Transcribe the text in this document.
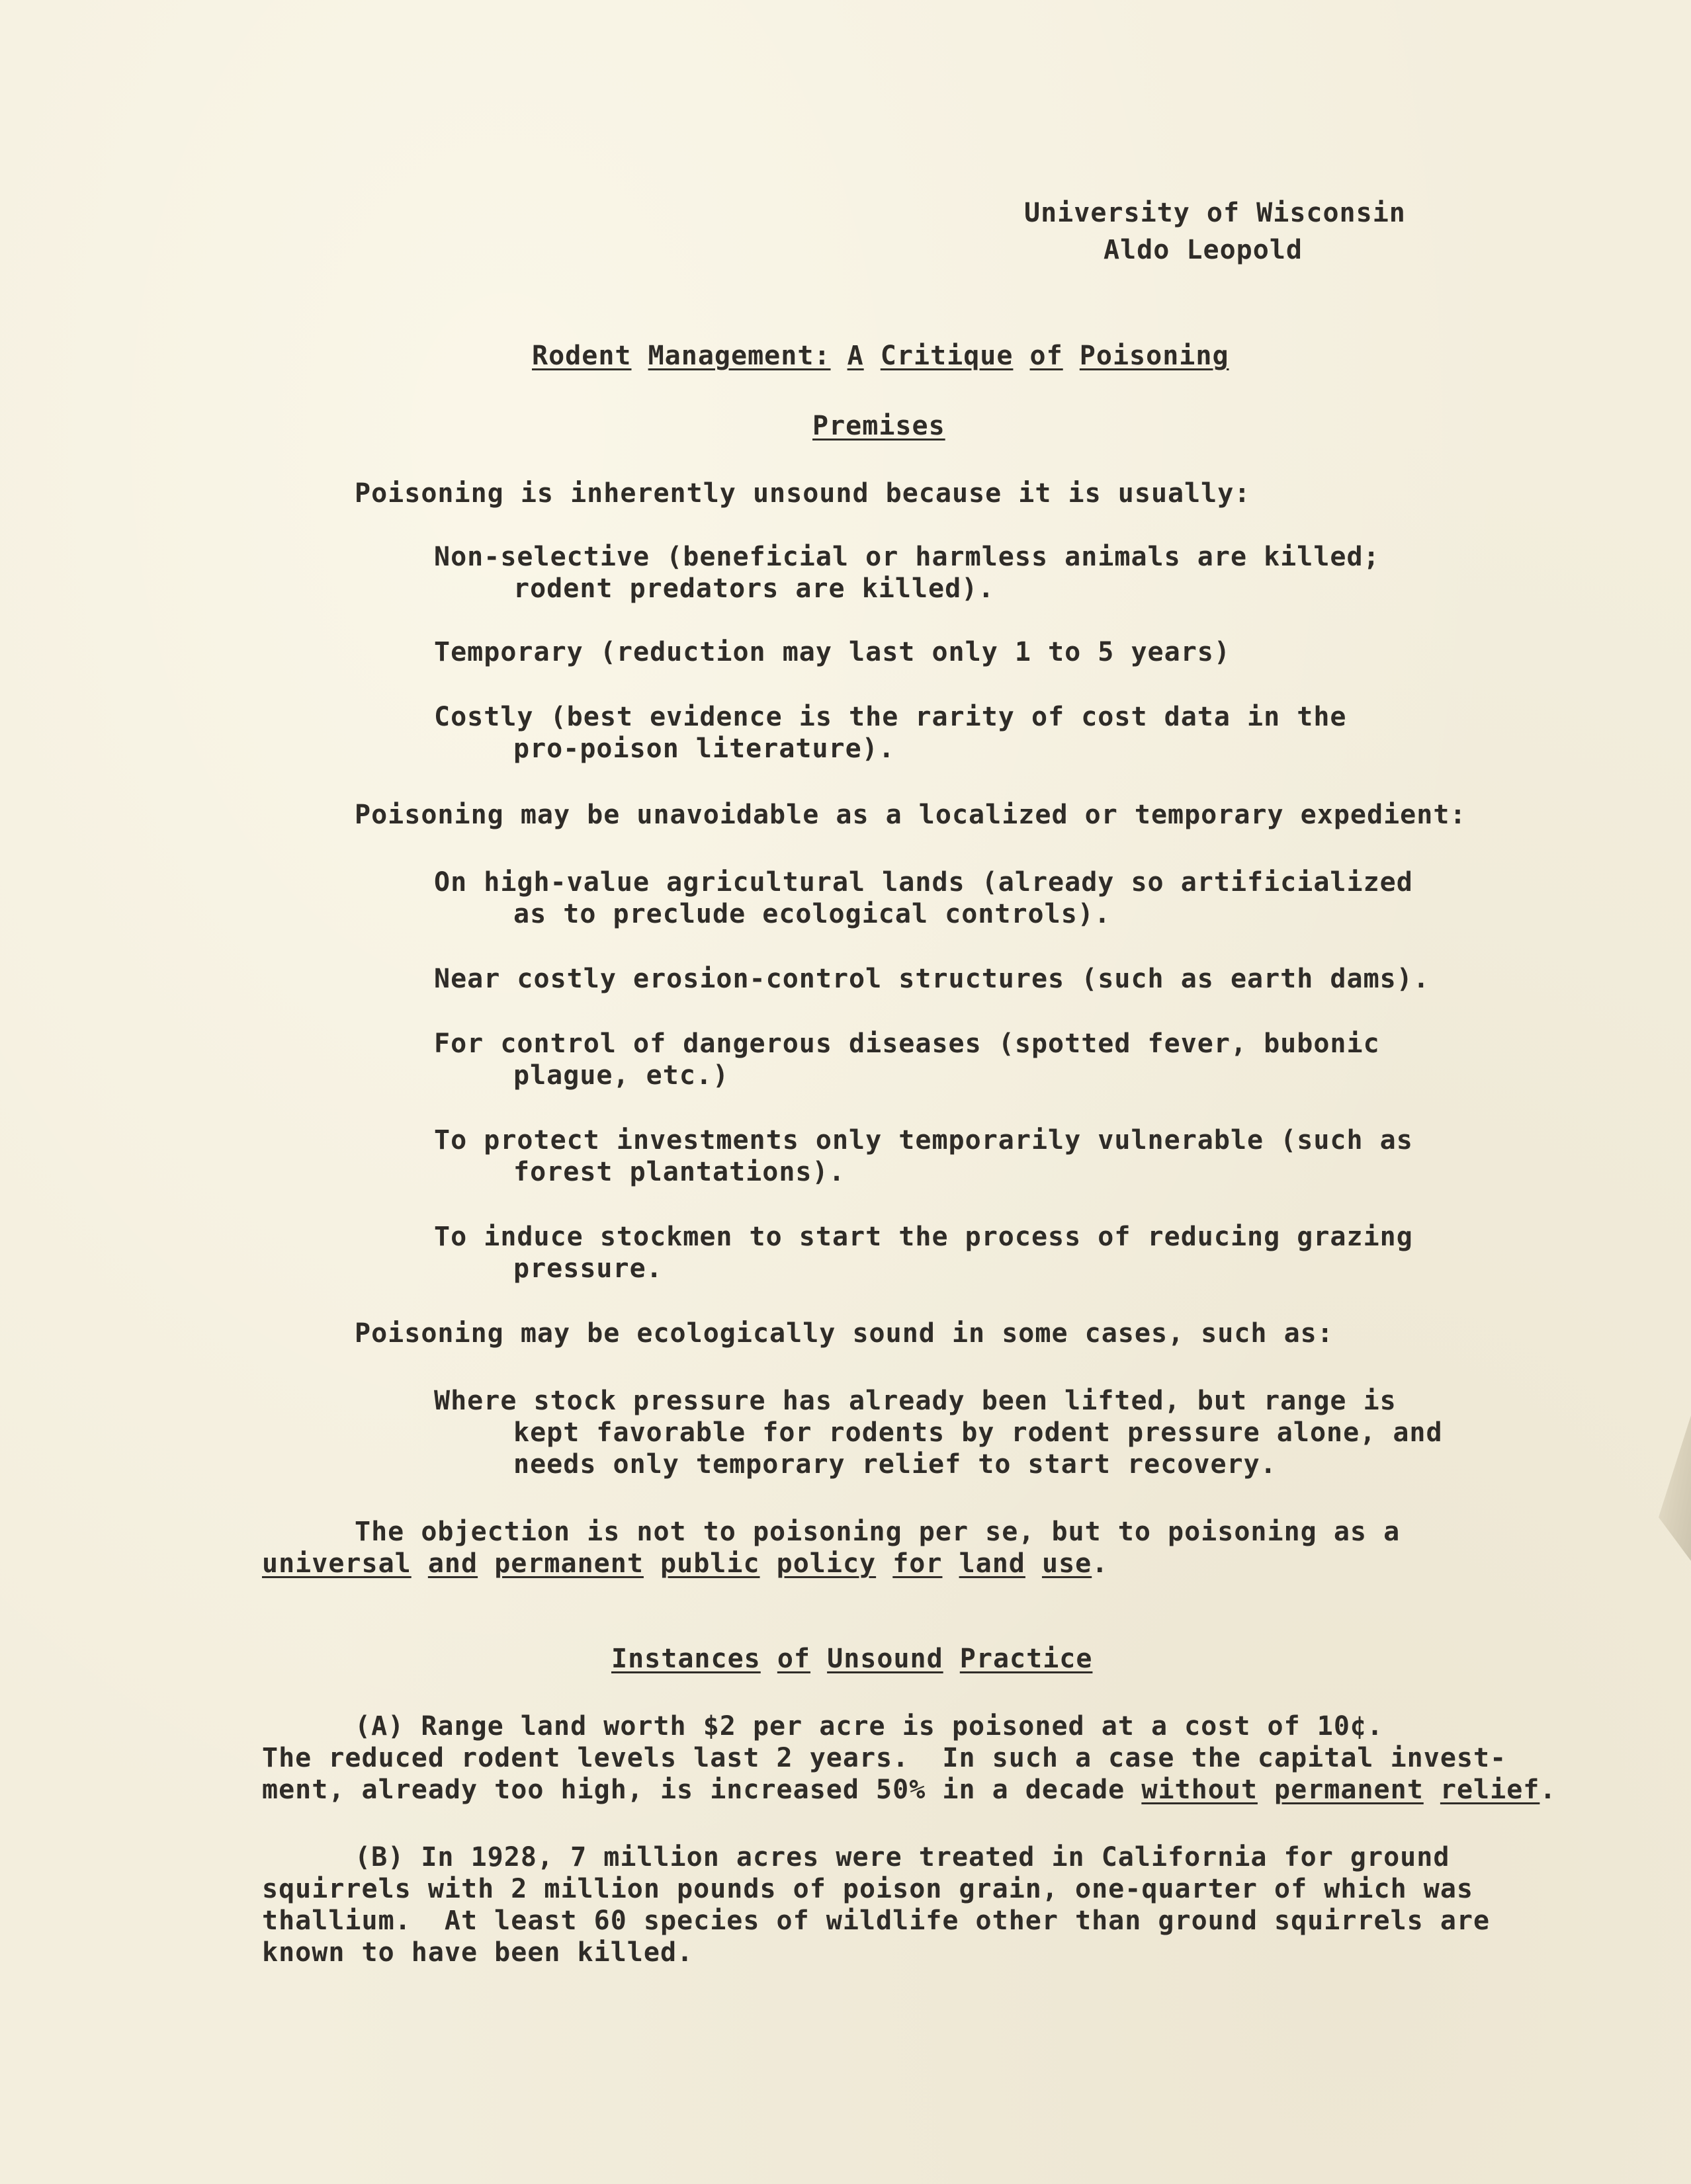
University of Wisconsin
Aldo Leopold
Rodent Management: A Critique of Poisoning
Premises
Poisoning is inherently unsound because it is usually:
Non-selective (beneficial or harmless animals are killed;
rodent predators are killed).
Temporary (reduction may last only 1 to 5 years)
Costly (best evidence is the rarity of cost data in the
pro-poison literature).
Poisoning may be unavoidable as a localized or temporary expedient:
On high-value agricultural lands (already so artificialized
as to preclude ecological controls).
Near costly erosion-control structures (such as earth dams).
For control of dangerous diseases (spotted fever, bubonic
plague, etc.)
To protect investments only temporarily vulnerable (such as
forest plantations).
To induce stockmen to start the process of reducing grazing
pressure.
Poisoning may be ecologically sound in some cases, such as:
Where stock pressure has already been lifted, but range is
kept favorable for rodents by rodent pressure alone, and
needs only temporary relief to start recovery.
The objection is not to poisoning per se, but to poisoning as a
universal and permanent public policy for land use.
Instances of Unsound Practice
(A) Range land worth $2 per acre is poisoned at a cost of 10¢.
The reduced rodent levels last 2 years.  In such a case the capital invest-
ment, already too high, is increased 50% in a decade without permanent relief.
(B) In 1928, 7 million acres were treated in California for ground
squirrels with 2 million pounds of poison grain, one-quarter of which was
thallium.  At least 60 species of wildlife other than ground squirrels are
known to have been killed.
